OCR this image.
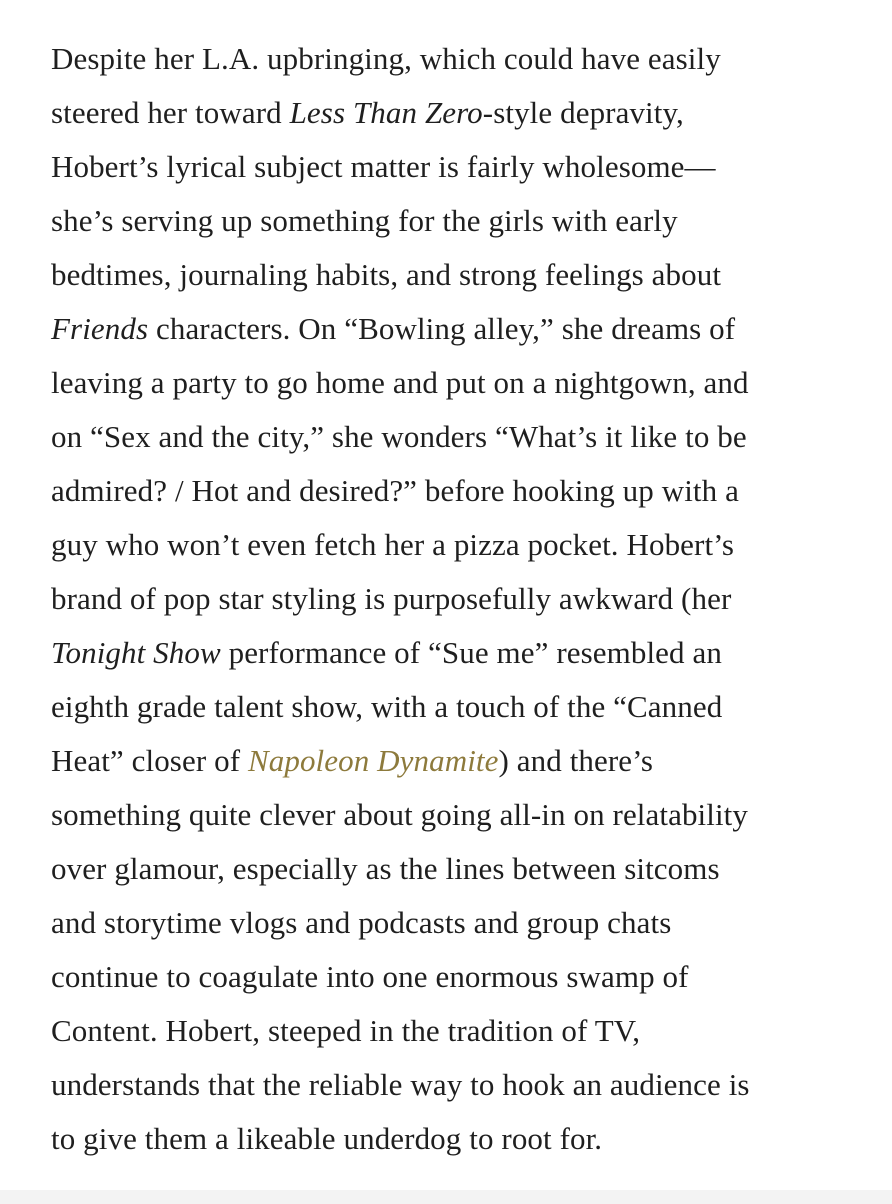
Despite her L.A. upbringing, which could have easily
steered her toward Less Than Zero-style depravity,
Hobert’s lyrical subject matter is fairly wholesome—
she’s serving up something for the girls with early
bedtimes, journaling habits, and strong feelings about
Friends characters. On “Bowling alley,” she dreams of
leaving a party to go home and put on a nightgown, and
on “Sex and the city,” she wonders “What’s it like to be
admired? / Hot and desired?” before hooking up with a
guy who won’t even fetch her a pizza pocket. Hobert’s
brand of pop star styling is purposefully awkward (her
Tonight Show performance of “Sue me” resembled an
eighth grade talent show, with a touch of the “Canned
Heat” closer of Napoleon Dynamite) and there’s
something quite clever about going all-in on relatability
over glamour, especially as the lines between sitcoms
and storytime vlogs and podcasts and group chats
continue to coagulate into one enormous swamp of
Content. Hobert, steeped in the tradition of TV,
understands that the reliable way to hook an audience is
to give them a likeable underdog to root for.
